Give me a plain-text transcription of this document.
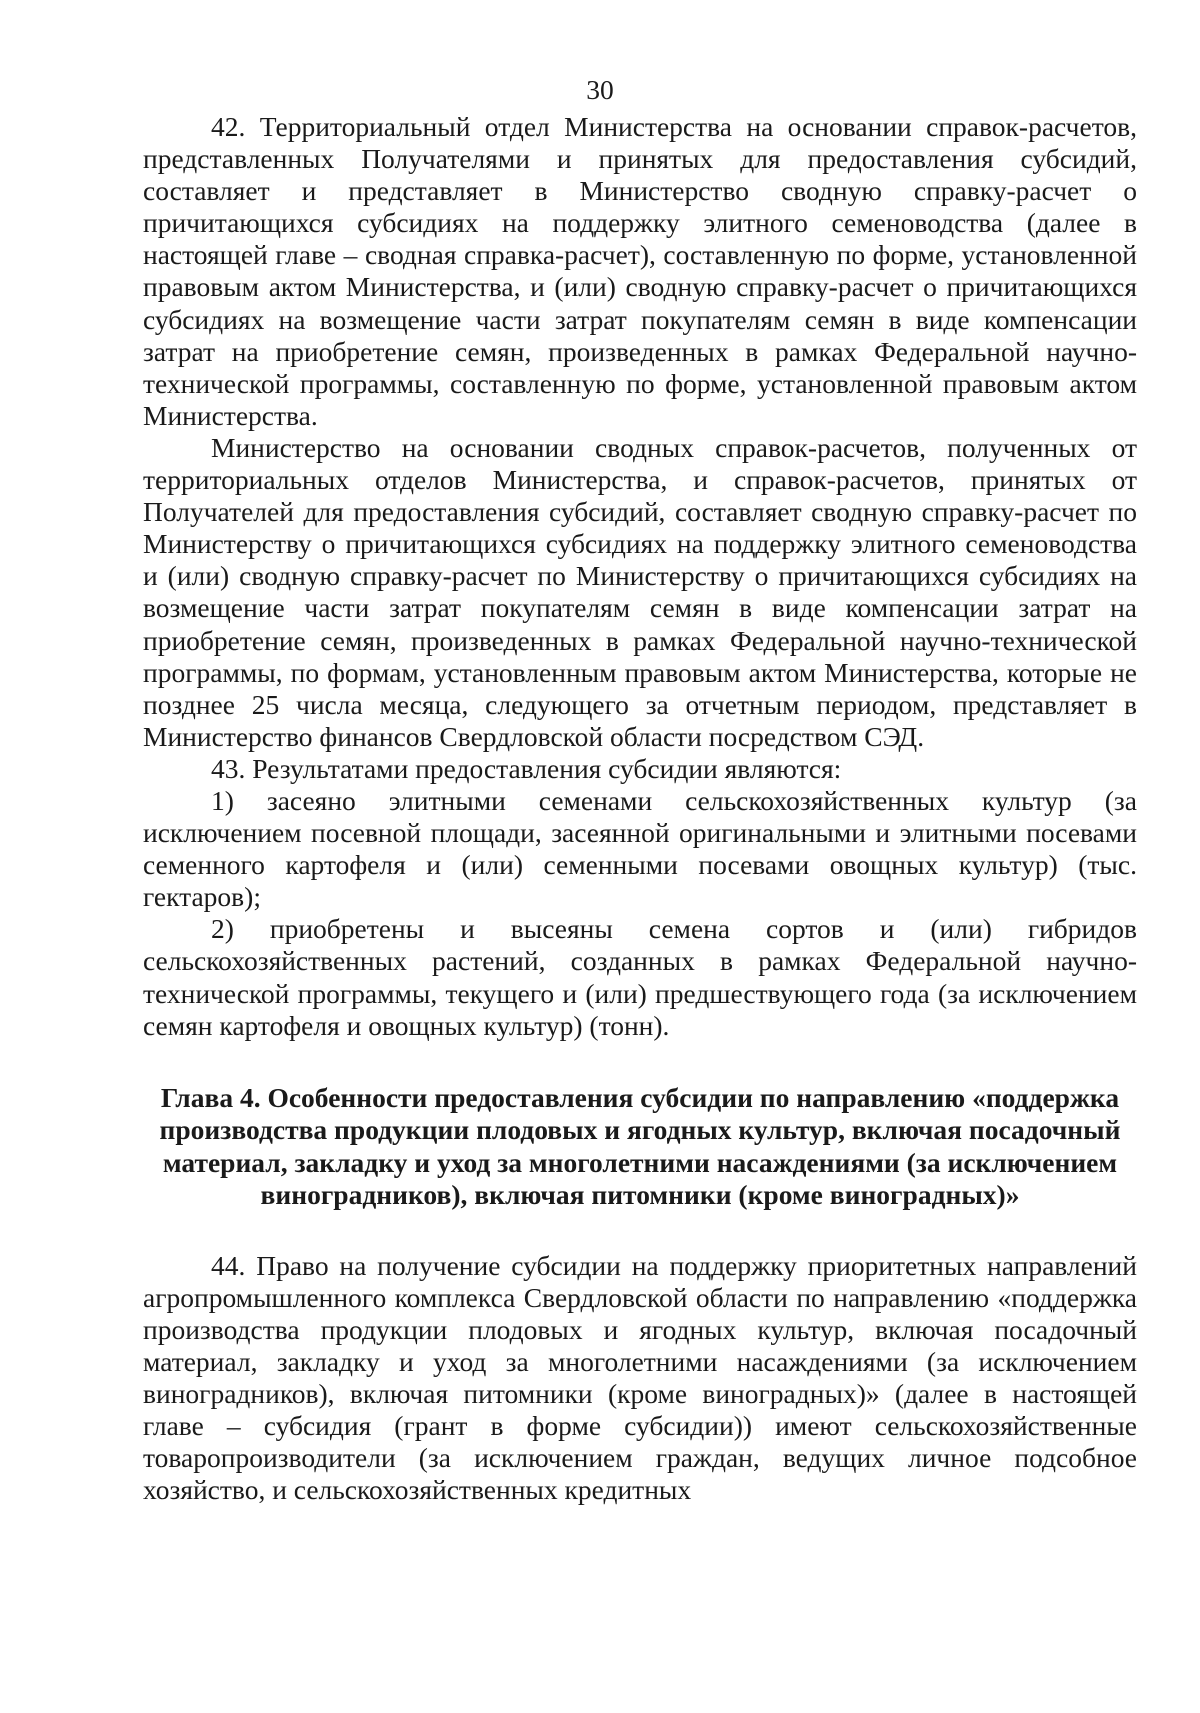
30

42. Территориальный отдел Министерства на основании справок-расчетов, представленных Получателями и принятых для предоставления субсидий, составляет и представляет в Министерство сводную справку-расчет о причитающихся субсидиях на поддержку элитного семеноводства (далее в настоящей главе – сводная справка-расчет), составленную по форме, установленной правовым актом Министерства, и (или) сводную справку-расчет о причитающихся субсидиях на возмещение части затрат покупателям семян в виде компенсации затрат на приобретение семян, произведенных в рамках Федеральной научно-технической программы, составленную по форме, установленной правовым актом Министерства.

Министерство на основании сводных справок-расчетов, полученных от территориальных отделов Министерства, и справок-расчетов, принятых от Получателей для предоставления субсидий, составляет сводную справку-расчет по Министерству о причитающихся субсидиях на поддержку элитного семеноводства и (или) сводную справку-расчет по Министерству о причитающихся субсидиях на возмещение части затрат покупателям семян в виде компенсации затрат на приобретение семян, произведенных в рамках Федеральной научно-технической программы, по формам, установленным правовым актом Министерства, которые не позднее 25 числа месяца, следующего за отчетным периодом, представляет в Министерство финансов Свердловской области посредством СЭД.

43. Результатами предоставления субсидии являются:

1) засеяно элитными семенами сельскохозяйственных культур (за исключением посевной площади, засеянной оригинальными и элитными посевами семенного картофеля и (или) семенными посевами овощных культур) (тыс. гектаров);

2) приобретены и высеяны семена сортов и (или) гибридов сельскохозяйственных растений, созданных в рамках Федеральной научно-технической программы, текущего и (или) предшествующего года (за исключением семян картофеля и овощных культур) (тонн).

Глава 4. Особенности предоставления субсидии по направлению «поддержка производства продукции плодовых и ягодных культур, включая посадочный материал, закладку и уход за многолетними насаждениями (за исключением виноградников), включая питомники (кроме виноградных)»

44. Право на получение субсидии на поддержку приоритетных направлений агропромышленного комплекса Свердловской области по направлению «поддержка производства продукции плодовых и ягодных культур, включая посадочный материал, закладку и уход за многолетними насаждениями (за исключением виноградников), включая питомники (кроме виноградных)» (далее в настоящей главе – субсидия (грант в форме субсидии)) имеют сельскохозяйственные товаропроизводители (за исключением граждан, ведущих личное подсобное хозяйство, и сельскохозяйственных кредитных
